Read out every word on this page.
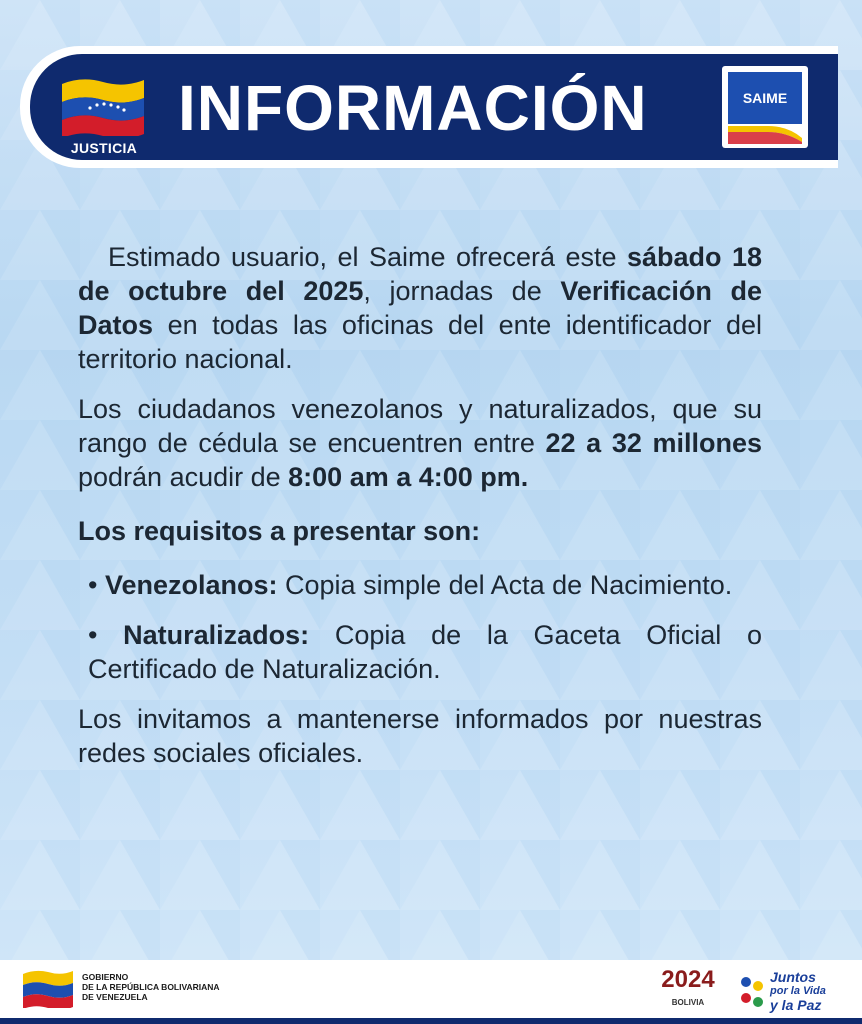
JUSTICIA
INFORMACIÓN	SAIME

Estimado usuario, el Saime ofrecerá este sábado 18 de octubre del 2025, jornadas de Verificación de Datos en todas las oficinas del ente identificador del territorio nacional.

Los ciudadanos venezolanos y naturalizados, que su rango de cédula se encuentren entre 22 a 32 millones podrán acudir de 8:00 am a 4:00 pm.

Los requisitos a presentar son:

• Venezolanos: Copia simple del Acta de Nacimiento.

• Naturalizados: Copia de la Gaceta Oficial o Certificado de Naturalización.

Los invitamos a mantenerse informados por nuestras redes sociales oficiales.

GOBIERNO
DE LA REPÚBLICA BOLIVARIANA
DE VENEZUELA
2024
BOLIVIA
Juntos
por la Vida
y la Paz
